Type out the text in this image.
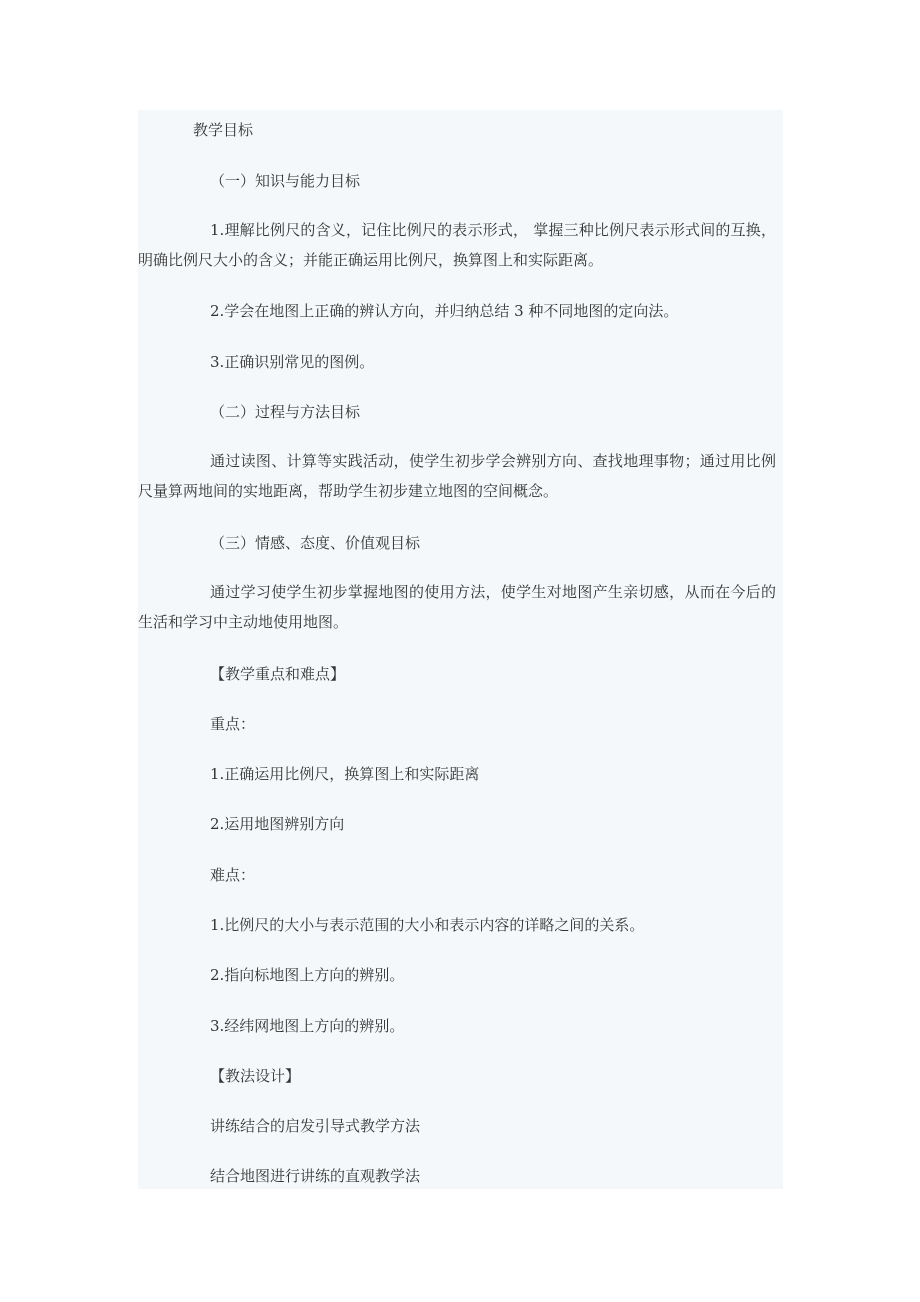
教学目标

（一）知识与能力目标

1.理解比例尺的含义，记住比例尺的表示形式， 掌握三种比例尺表示形式间的互换，明确比例尺大小的含义；并能正确运用比例尺，换算图上和实际距离。

2.学会在地图上正确的辨认方向，并归纳总结 3 种不同地图的定向法。

3.正确识别常见的图例。

（二）过程与方法目标

通过读图、计算等实践活动，使学生初步学会辨别方向、查找地理事物；通过用比例尺量算两地间的实地距离，帮助学生初步建立地图的空间概念。

（三）情感、态度、价值观目标

通过学习使学生初步掌握地图的使用方法，使学生对地图产生亲切感，从而在今后的生活和学习中主动地使用地图。

【教学重点和难点】

重点：

1.正确运用比例尺，换算图上和实际距离

2.运用地图辨别方向

难点：

1.比例尺的大小与表示范围的大小和表示内容的详略之间的关系。

2.指向标地图上方向的辨别。

3.经纬网地图上方向的辨别。

【教法设计】

讲练结合的启发引导式教学方法

结合地图进行讲练的直观教学法
